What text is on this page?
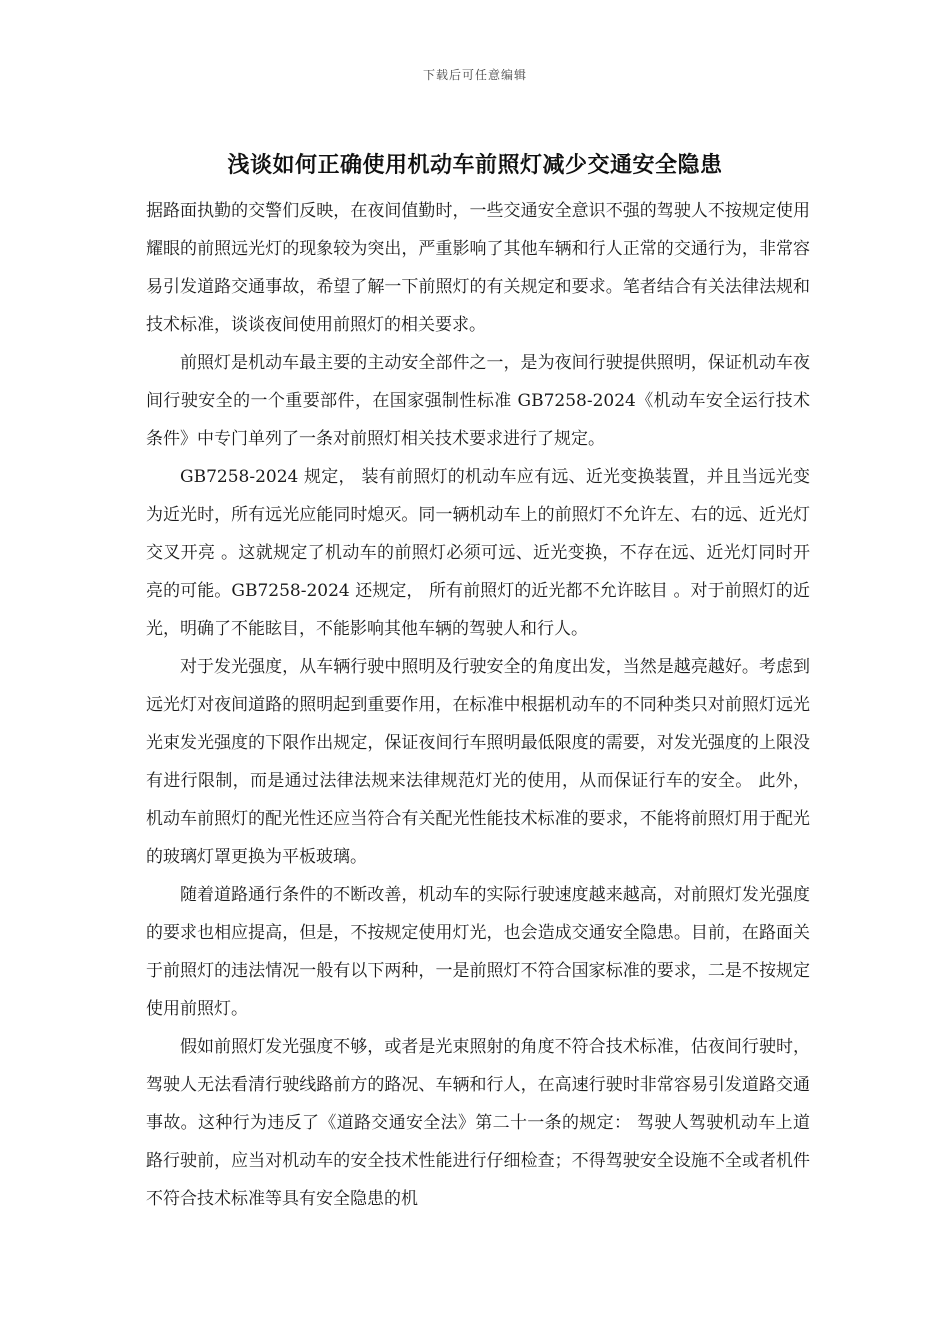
下载后可任意编辑
浅谈如何正确使用机动车前照灯减少交通安全隐患

据路面执勤的交警们反映，在夜间值勤时，一些交通安全意识不强的驾驶人不按规定使用耀眼的前照远光灯的现象较为突出，严重影响了其他车辆和行人正常的交通行为，非常容易引发道路交通事故，希望了解一下前照灯的有关规定和要求。笔者结合有关法律法规和技术标准，谈谈夜间使用前照灯的相关要求。

前照灯是机动车最主要的主动安全部件之一，是为夜间行驶提供照明，保证机动车夜间行驶安全的一个重要部件，在国家强制性标准 GB7258-2024《机动车安全运行技术条件》中专门单列了一条对前照灯相关技术要求进行了规定。

GB7258-2024 规定， 装有前照灯的机动车应有远、近光变换装置，并且当远光变为近光时，所有远光应能同时熄灭。同一辆机动车上的前照灯不允许左、右的远、近光灯交叉开亮 。这就规定了机动车的前照灯必须可远、近光变换，不存在远、近光灯同时开亮的可能。GB7258-2024 还规定， 所有前照灯的近光都不允许眩目 。对于前照灯的近光，明确了不能眩目，不能影响其他车辆的驾驶人和行人。

对于发光强度，从车辆行驶中照明及行驶安全的角度出发，当然是越亮越好。考虑到远光灯对夜间道路的照明起到重要作用，在标准中根据机动车的不同种类只对前照灯远光光束发光强度的下限作出规定，保证夜间行车照明最低限度的需要，对发光强度的上限没有进行限制，而是通过法律法规来法律规范灯光的使用，从而保证行车的安全。 此外，机动车前照灯的配光性还应当符合有关配光性能技术标准的要求，不能将前照灯用于配光的玻璃灯罩更换为平板玻璃。

随着道路通行条件的不断改善，机动车的实际行驶速度越来越高，对前照灯发光强度的要求也相应提高，但是，不按规定使用灯光，也会造成交通安全隐患。目前，在路面关于前照灯的违法情况一般有以下两种，一是前照灯不符合国家标准的要求，二是不按规定使用前照灯。

假如前照灯发光强度不够，或者是光束照射的角度不符合技术标准，估夜间行驶时，驾驶人无法看清行驶线路前方的路况、车辆和行人，在高速行驶时非常容易引发道路交通事故。这种行为违反了《道路交通安全法》第二十一条的规定： 驾驶人驾驶机动车上道路行驶前，应当对机动车的安全技术性能进行仔细检查；不得驾驶安全设施不全或者机件不符合技术标准等具有安全隐患的机
